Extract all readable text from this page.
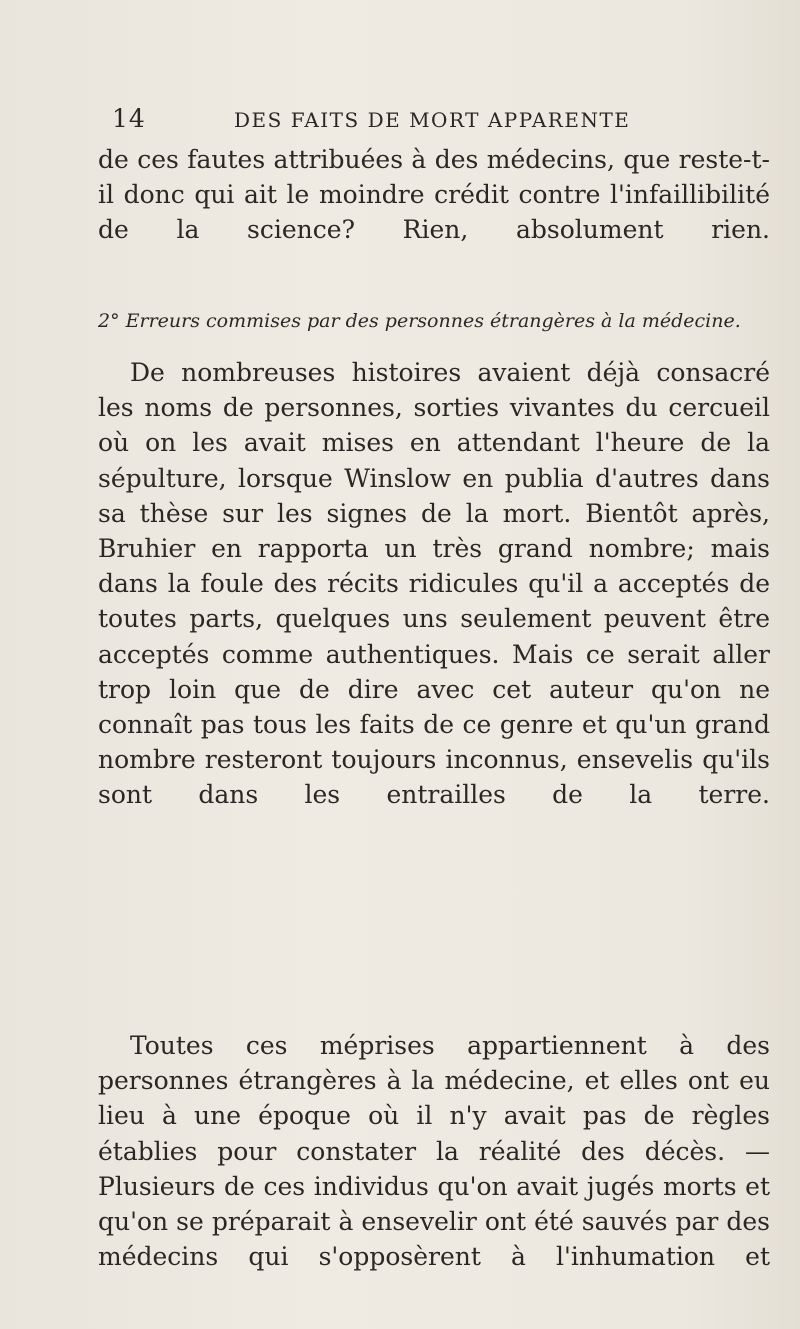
14	DES FAITS DE MORT APPARENTE
de ces fautes attribuées à des médecins, que reste-t-il donc qui ait le moindre crédit contre l'infaillibilité de la science? Rien, absolument rien.
2° Erreurs commises par des personnes étrangères à la médecine.
De nombreuses histoires avaient déjà consacré les noms de personnes, sorties vivantes du cercueil où on les avait mises en attendant l'heure de la sépulture, lorsque Winslow en publia d'autres dans sa thèse sur les signes de la mort. Bientôt après, Bruhier en rapporta un très grand nombre; mais dans la foule des récits ridicules qu'il a acceptés de toutes parts, quelques uns seulement peuvent être acceptés comme authentiques. Mais ce serait aller trop loin que de dire avec cet auteur qu'on ne connaît pas tous les faits de ce genre et qu'un grand nombre resteront toujours inconnus, ensevelis qu'ils sont dans les entrailles de la terre.
Toutes ces méprises appartiennent à des personnes étrangères à la médecine, et elles ont eu lieu à une époque où il n'y avait pas de règles établies pour constater la réalité des décès. — Plusieurs de ces individus qu'on avait jugés morts et qu'on se préparait à ensevelir ont été sauvés par des médecins qui s'opposèrent à l'inhumation et
